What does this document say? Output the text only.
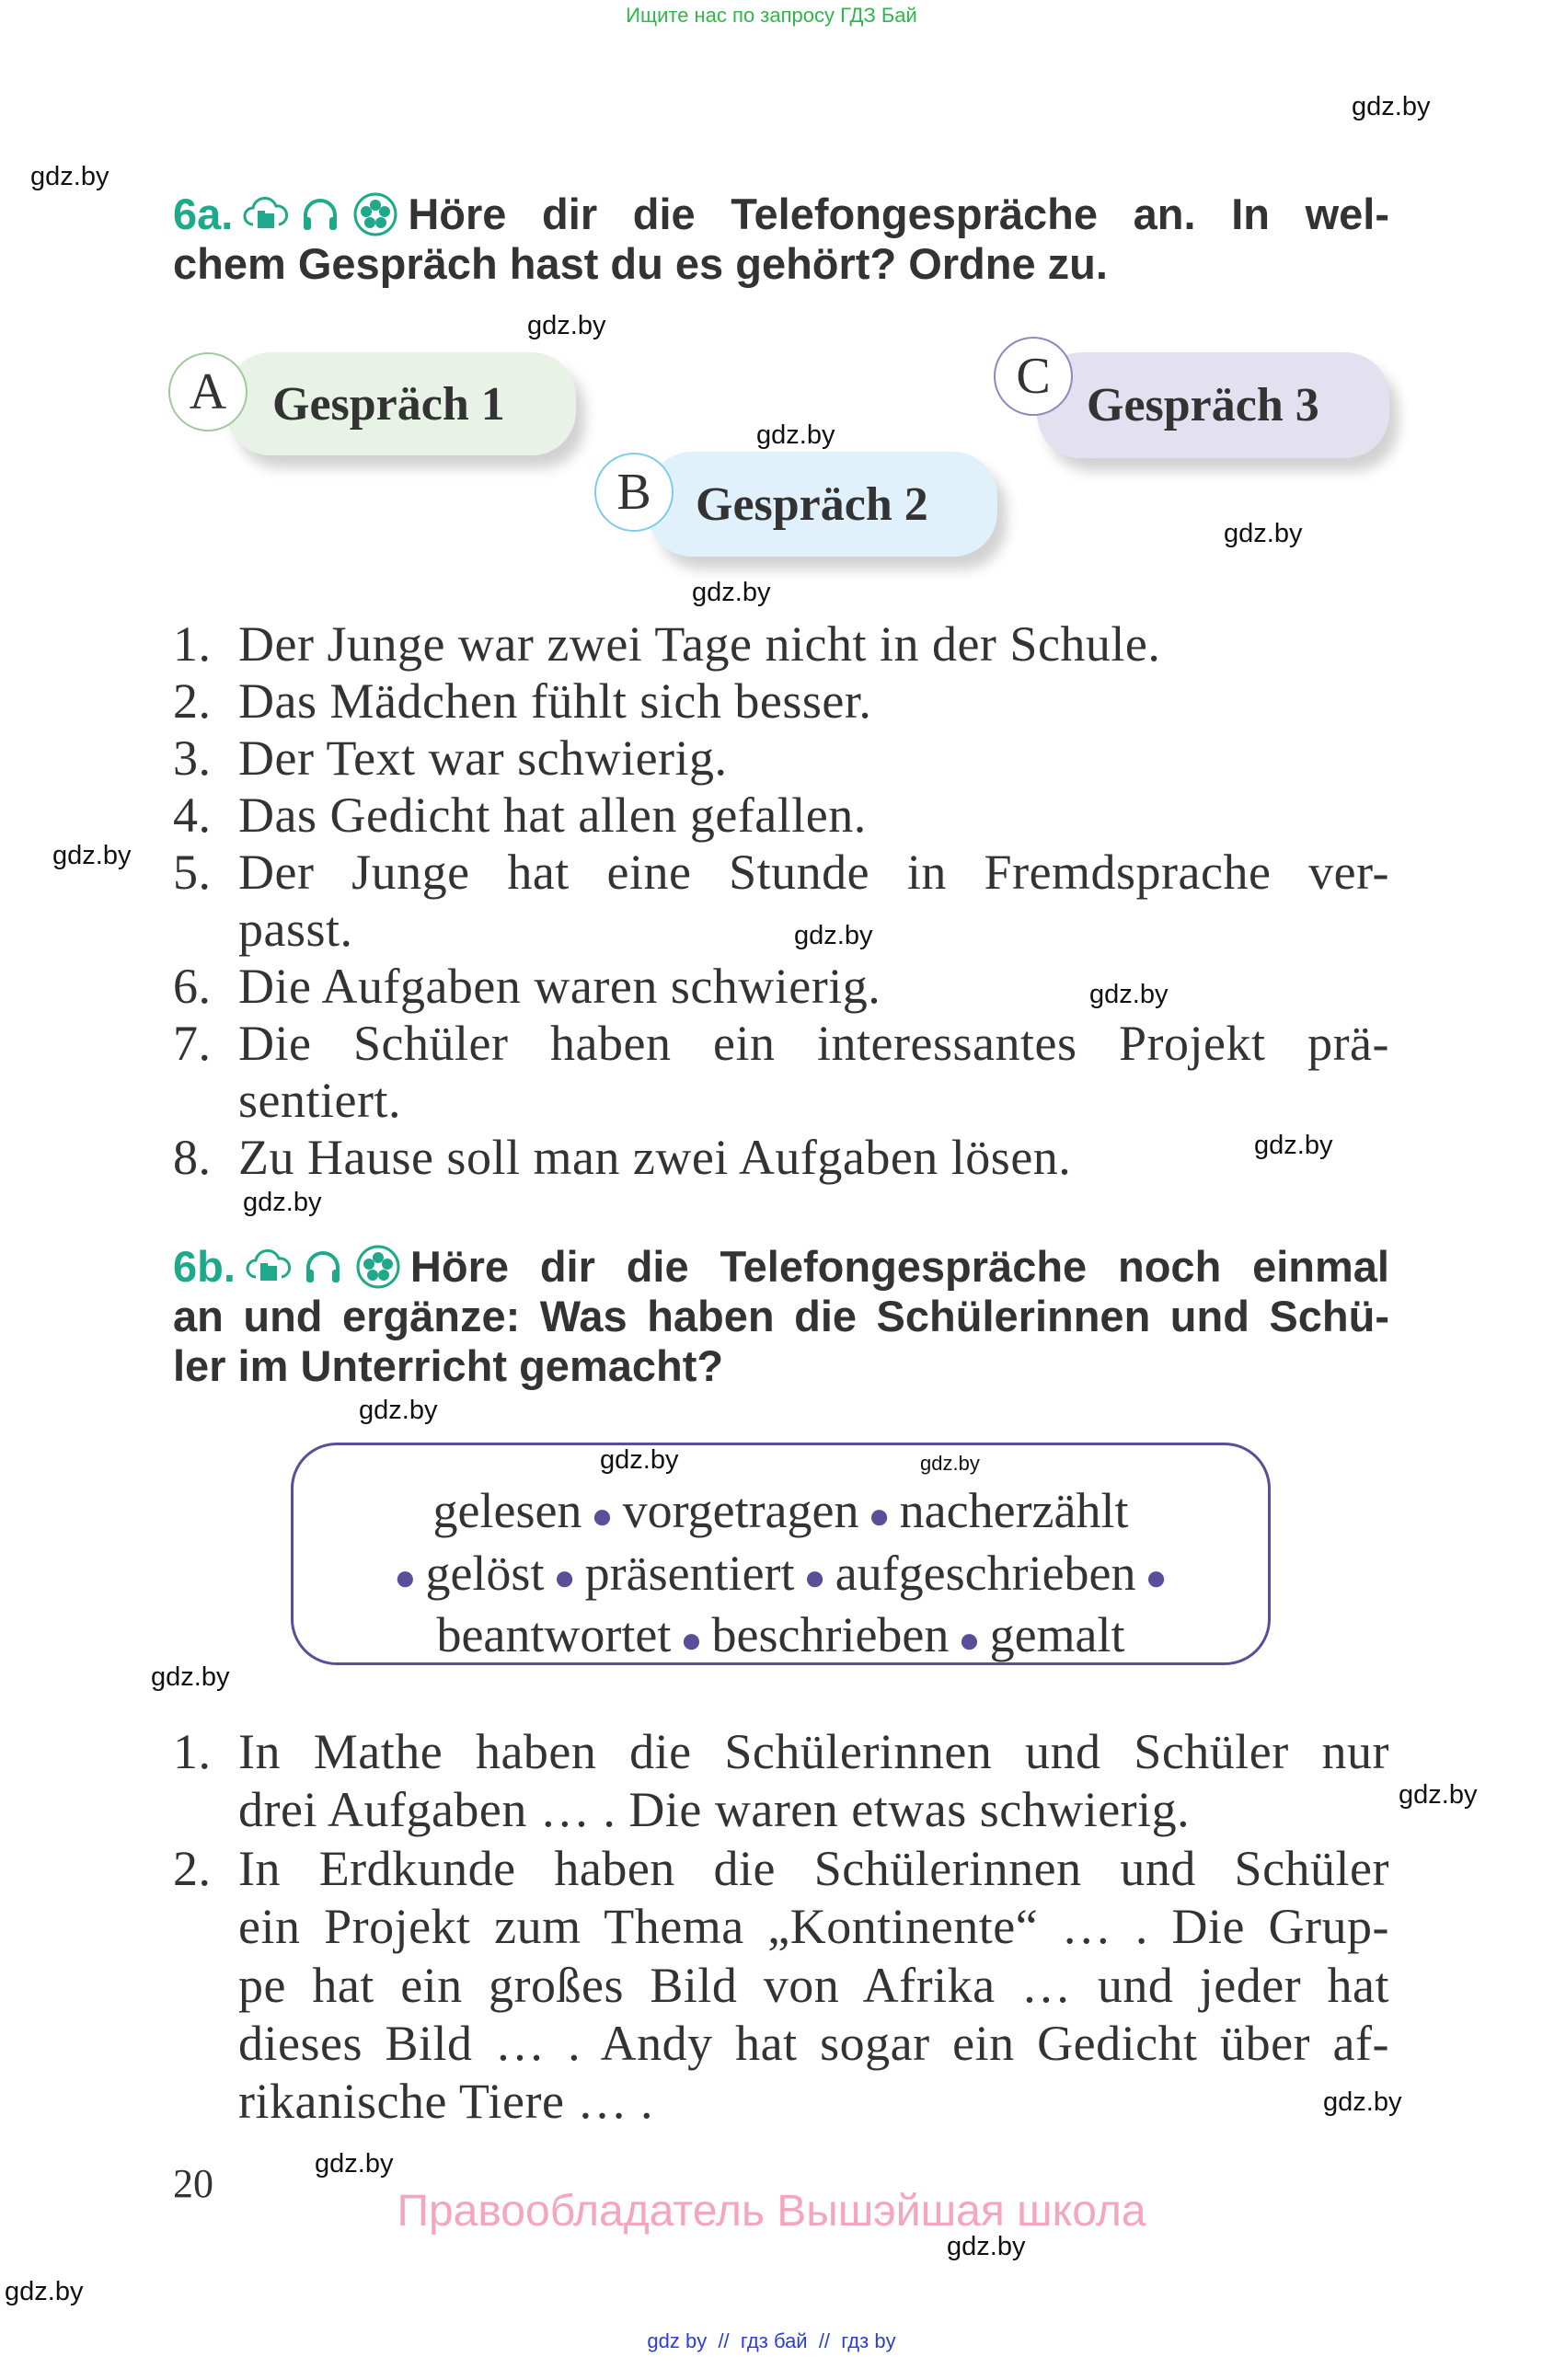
Ищите нас по запросу ГДЗ Бай
gdz.by
gdz.by
gdz.by
gdz.by
gdz.by
gdz.by
gdz.by
gdz.by
gdz.by
gdz.by
gdz.by
gdz.by
gdz.by	gdz.by
gdz.by
gdz.by
gdz.by
gdz.by
gdz.by
gdz.by
6a.	Höre dir die Telefongespräche an. In wel-
chem Gespräch hast du es gehört? Ordne zu.
Gespräch 1
A
Gespräch 2
B
Gespräch 3
C
1. Der Junge war zwei Tage nicht in der Schule.
2. Das Mädchen fühlt sich besser.
3. Der Text war schwierig.
4. Das Gedicht hat allen gefallen.
5. Der Junge hat eine Stunde in Fremdsprache ver-
passt.
6. Die Aufgaben waren schwierig.
7. Die Schüler haben ein interessantes Projekt prä-
sentiert.
8. Zu Hause soll man zwei Aufgaben lösen.
6b.	Höre dir die Telefongespräche noch einmal
an und ergänze: Was haben die Schülerinnen und Schü-
ler im Unterricht gemacht?
gelesen ● vorgetragen ● nacherzählt
● gelöst ● präsentiert ● aufgeschrieben ●
beantwortet ● beschrieben ● gemalt
1. In Mathe haben die Schülerinnen und Schüler nur
drei Aufgaben … . Die waren etwas schwierig.
2. In Erdkunde haben die Schülerinnen und Schüler
ein Projekt zum Thema „Kontinente“ … . Die Grup-
pe hat ein großes Bild von Afrika … und jeder hat
dieses Bild … . Andy hat sogar ein Gedicht über af-
rikanische Tiere … .
20
Правообладатель Вышэйшая школа
gdz by  //  гдз бай  //  гдз by
